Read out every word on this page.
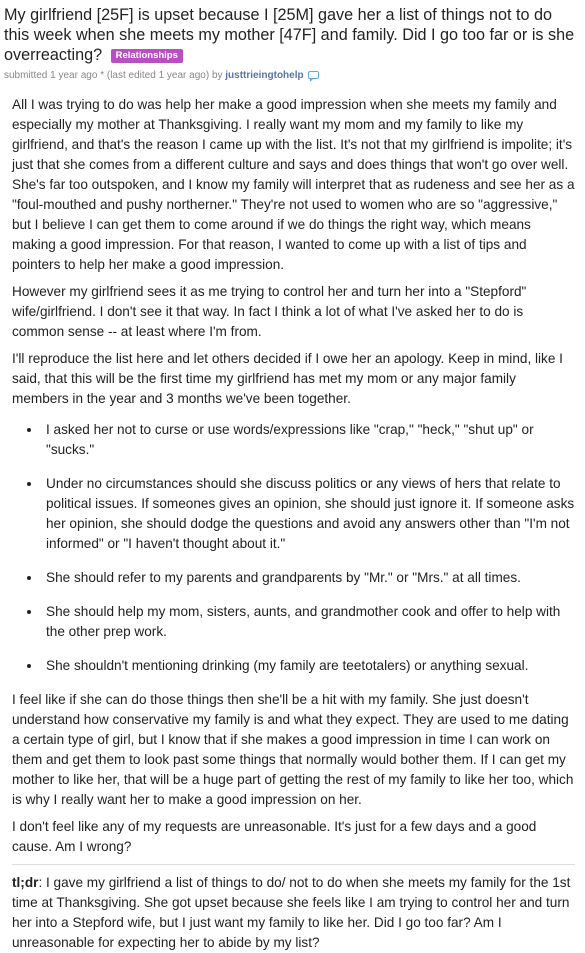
My girlfriend [25F] is upset because I [25M] gave her a list of things not to do this week when she meets my mother [47F] and family. Did I go too far or is she overreacting? Relationships

submitted 1 year ago * (last edited 1 year ago) by justtrieingtohelp

All I was trying to do was help her make a good impression when she meets my family and especially my mother at Thanksgiving. I really want my mom and my family to like my girlfriend, and that's the reason I came up with the list. It's not that my girlfriend is impolite; it's just that she comes from a different culture and says and does things that won't go over well. She's far too outspoken, and I know my family will interpret that as rudeness and see her as a "foul-mouthed and pushy northerner." They're not used to women who are so "aggressive," but I believe I can get them to come around if we do things the right way, which means making a good impression. For that reason, I wanted to come up with a list of tips and pointers to help her make a good impression.

However my girlfriend sees it as me trying to control her and turn her into a "Stepford" wife/girlfriend. I don't see it that way. In fact I think a lot of what I've asked her to do is common sense -- at least where I'm from.

I'll reproduce the list here and let others decided if I owe her an apology. Keep in mind, like I said, that this will be the first time my girlfriend has met my mom or any major family members in the year and 3 months we've been together.

• I asked her not to curse or use words/expressions like "crap," "heck," "shut up" or "sucks."
• Under no circumstances should she discuss politics or any views of hers that relate to political issues. If someones gives an opinion, she should just ignore it. If someone asks her opinion, she should dodge the questions and avoid any answers other than "I'm not informed" or "I haven't thought about it."
• She should refer to my parents and grandparents by "Mr." or "Mrs." at all times.
• She should help my mom, sisters, aunts, and grandmother cook and offer to help with the other prep work.
• She shouldn't mentioning drinking (my family are teetotalers) or anything sexual.

I feel like if she can do those things then she'll be a hit with my family. She just doesn't understand how conservative my family is and what they expect. They are used to me dating a certain type of girl, but I know that if she makes a good impression in time I can work on them and get them to look past some things that normally would bother them. If I can get my mother to like her, that will be a huge part of getting the rest of my family to like her too, which is why I really want her to make a good impression on her.

I don't feel like any of my requests are unreasonable. It's just for a few days and a good cause. Am I wrong?

tl;dr: I gave my girlfriend a list of things to do/ not to do when she meets my family for the 1st time at Thanksgiving. She got upset because she feels like I am trying to control her and turn her into a Stepford wife, but I just want my family to like her. Did I go too far? Am I unreasonable for expecting her to abide by my list?
